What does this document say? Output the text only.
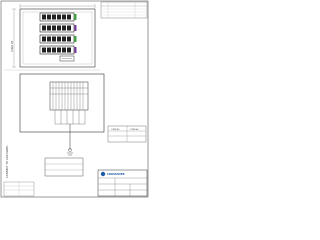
CONN #5
...
...
...
...
CONNECT TO AUX PANEL
CONN #2	CONN #3
CROSSOVER
